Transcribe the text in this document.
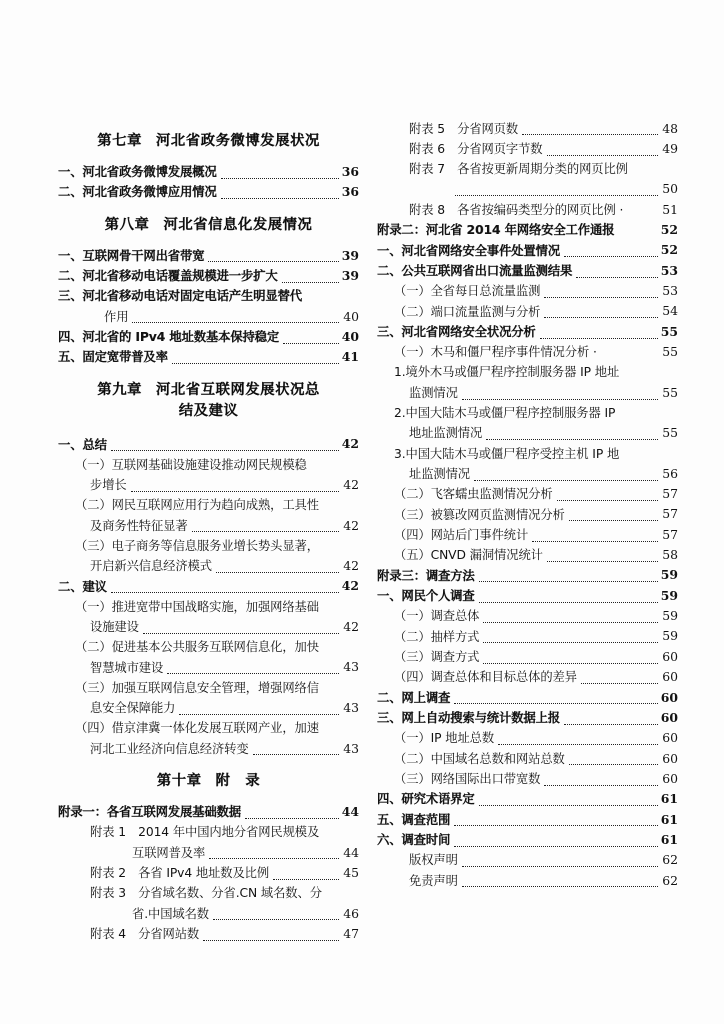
第七章 河北省政务微博发展状况
一、河北省政务微博发展概况	36
二、河北省政务微博应用情况	36
第八章 河北省信息化发展情况
一、互联网骨干网出省带宽	39
二、河北省移动电话覆盖规模进一步扩大	39
三、河北省移动电话对固定电话产生明显替代
作用	40
四、河北省的 IPv4 地址数基本保持稳定	40
五、固定宽带普及率	41
第九章 河北省互联网发展状况总
结及建议
一、总结	42
（一）互联网基础设施建设推动网民规模稳
步增长	42
（二）网民互联网应用行为趋向成熟，工具性
及商务性特征显著	42
（三）电子商务等信息服务业增长势头显著，
开启新兴信息经济模式	42
二、建议	42
（一）推进宽带中国战略实施，加强网络基础
设施建设	42
（二）促进基本公共服务互联网信息化，加快
智慧城市建设	43
（三）加强互联网信息安全管理，增强网络信
息安全保障能力	43
（四）借京津冀一体化发展互联网产业，加速
河北工业经济向信息经济转变	43
第十章 附　录
附录一：各省互联网发展基础数据	44
附表 1　2014 年中国内地分省网民规模及
互联网普及率	44
附表 2　各省 IPv4 地址数及比例	45
附表 3　分省域名数、分省.CN 域名数、分
省.中国域名数	46
附表 4　分省网站数	47
附表 5　分省网页数	48
附表 6　分省网页字节数	49
附表 7　各省按更新周期分类的网页比例
50
附表 8　各省按编码类型分的网页比例 ·	51
附录二：河北省 2014 年网络安全工作通报	52
一、河北省网络安全事件处置情况	52
二、公共互联网省出口流量监测结果	53
（一）全省每日总流量监测	53
（二）端口流量监测与分析	54
三、河北省网络安全状况分析	55
（一）木马和僵尸程序事件情况分析 ·	55
1.境外木马或僵尸程序控制服务器 IP 地址
监测情况	55
2.中国大陆木马或僵尸程序控制服务器 IP
地址监测情况	55
3.中国大陆木马或僵尸程序受控主机 IP 地
址监测情况	56
（二）飞客蠕虫监测情况分析	57
（三）被篡改网页监测情况分析	57
（四）网站后门事件统计	57
（五）CNVD 漏洞情况统计	58
附录三：调查方法	59
一、网民个人调查	59
（一）调查总体	59
（二）抽样方式	59
（三）调查方式	60
（四）调查总体和目标总体的差异	60
二、网上调查	60
三、网上自动搜索与统计数据上报	60
（一）IP 地址总数	60
（二）中国域名总数和网站总数	60
（三）网络国际出口带宽数	60
四、研究术语界定	61
五、调查范围	61
六、调查时间	61
版权声明	62
免责声明	62
